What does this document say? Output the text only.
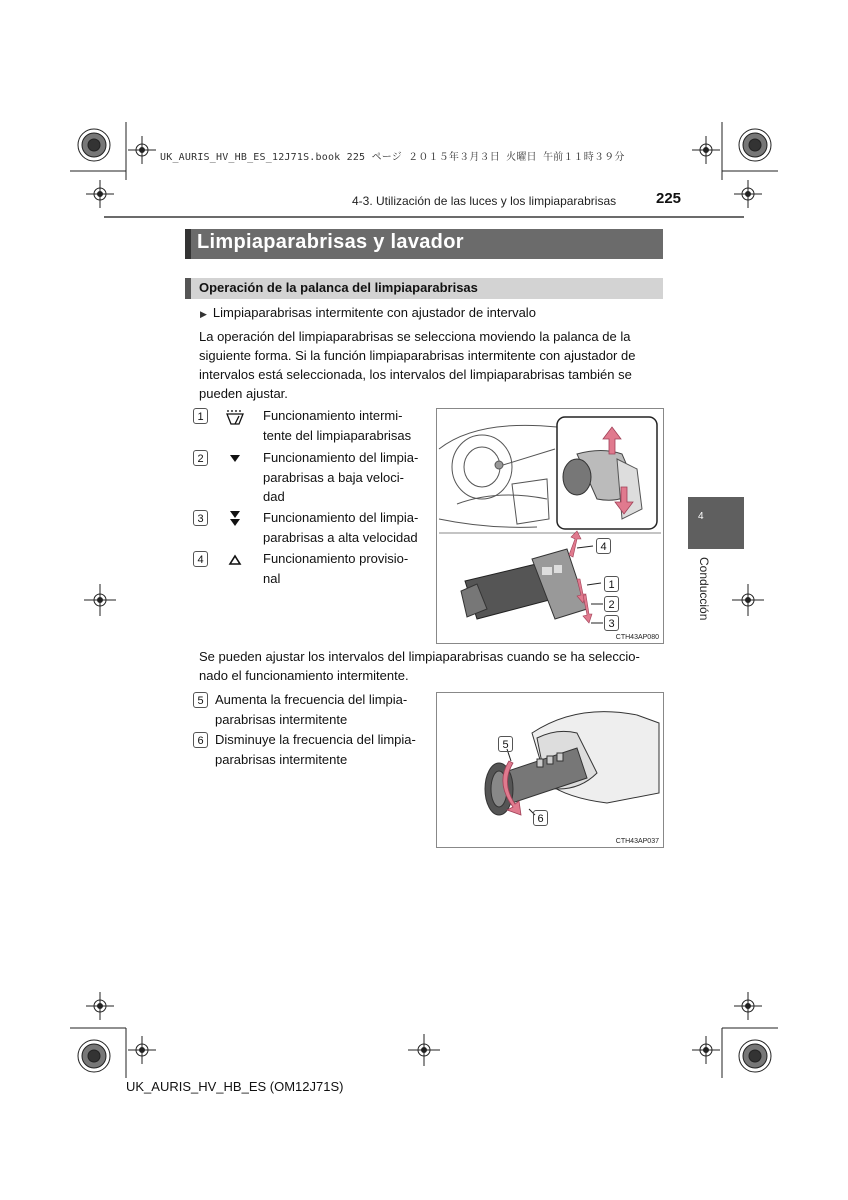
UK_AURIS_HV_HB_ES_12J71S.book 225 ページ ２０１５年３月３日 火曜日 午前１１時３９分
4-3. Utilización de las luces y los limpiaparabrisas	225
Limpiaparabrisas y lavador
Operación de la palanca del limpiaparabrisas
▶ Limpiaparabrisas intermitente con ajustador de intervalo
La operación del limpiaparabrisas se selecciona moviendo la palanca de la
siguiente forma. Si la función limpiaparabrisas intermitente con ajustador de
intervalos está seleccionada, los intervalos del limpiaparabrisas también se
pueden ajustar.
1	Funcionamiento intermi-
tente del limpiaparabrisas
2	Funcionamiento del limpia-
parabrisas a baja veloci-
dad
3	Funcionamiento del limpia-
parabrisas a alta velocidad
4	Funcionamiento provisio-
nal
4
1
2
3
CTH43AP080
Se pueden ajustar los intervalos del limpiaparabrisas cuando se ha seleccio-
nado el funcionamiento intermitente.
5 Aumenta la frecuencia del limpia-
parabrisas intermitente
6 Disminuye la frecuencia del limpia-
parabrisas intermitente
5
6
CTH43AP037
4
Conducción
UK_AURIS_HV_HB_ES (OM12J71S)
